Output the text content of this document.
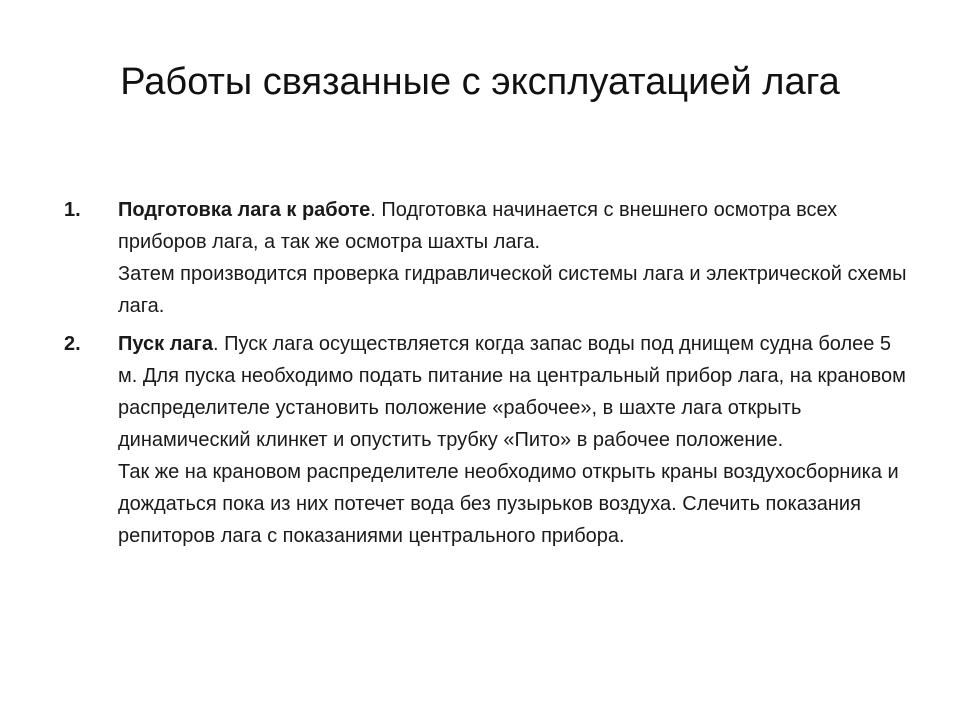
Работы связанные с эксплуатацией лага
1. Подготовка лага к работе. Подготовка начинается с внешнего осмотра всех приборов лага, а так же осмотра шахты лага.
Затем производится проверка гидравлической системы лага и электрической схемы лага.
2. Пуск лага. Пуск лага осуществляется когда запас воды под днищем судна более 5 м. Для пуска необходимо подать питание на центральный прибор лага, на крановом распределителе установить положение «рабочее», в шахте лага открыть динамический клинкет и опустить трубку «Пито» в рабочее положение.
Так же на крановом распределителе необходимо открыть краны воздухосборника и дождаться пока из них потечет вода без пузырьков воздуха. Слечить показания репиторов лага с показаниями центрального прибора.
